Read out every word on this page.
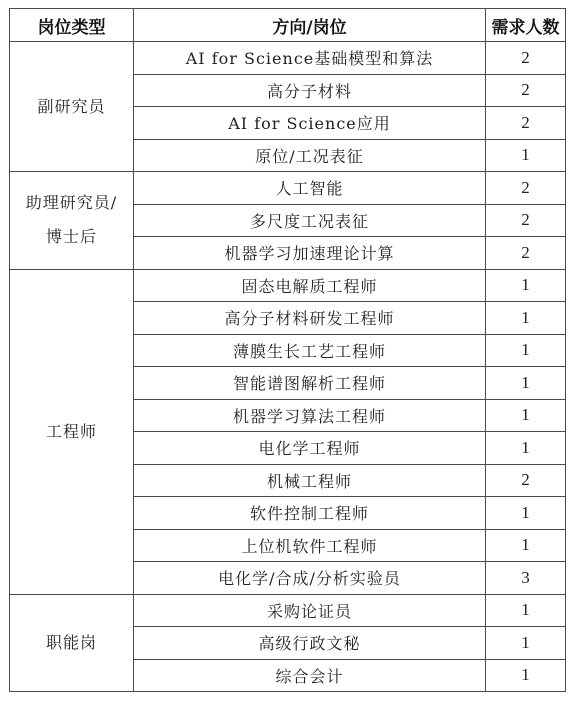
岗位类型	方向/岗位	需求人数
副研究员	AI for Science基础模型和算法	2
	高分子材料	2
	AI for Science应用	2
	原位/工况表征	1
助理研究员/
博士后	人工智能	2
	多尺度工况表征	2
	机器学习加速理论计算	2
工程师	固态电解质工程师	1
	高分子材料研发工程师	1
	薄膜生长工艺工程师	1
	智能谱图解析工程师	1
	机器学习算法工程师	1
	电化学工程师	1
	机械工程师	2
	软件控制工程师	1
	上位机软件工程师	1
	电化学/合成/分析实验员	3
职能岗	采购论证员	1
	高级行政文秘	1
	综合会计	1
